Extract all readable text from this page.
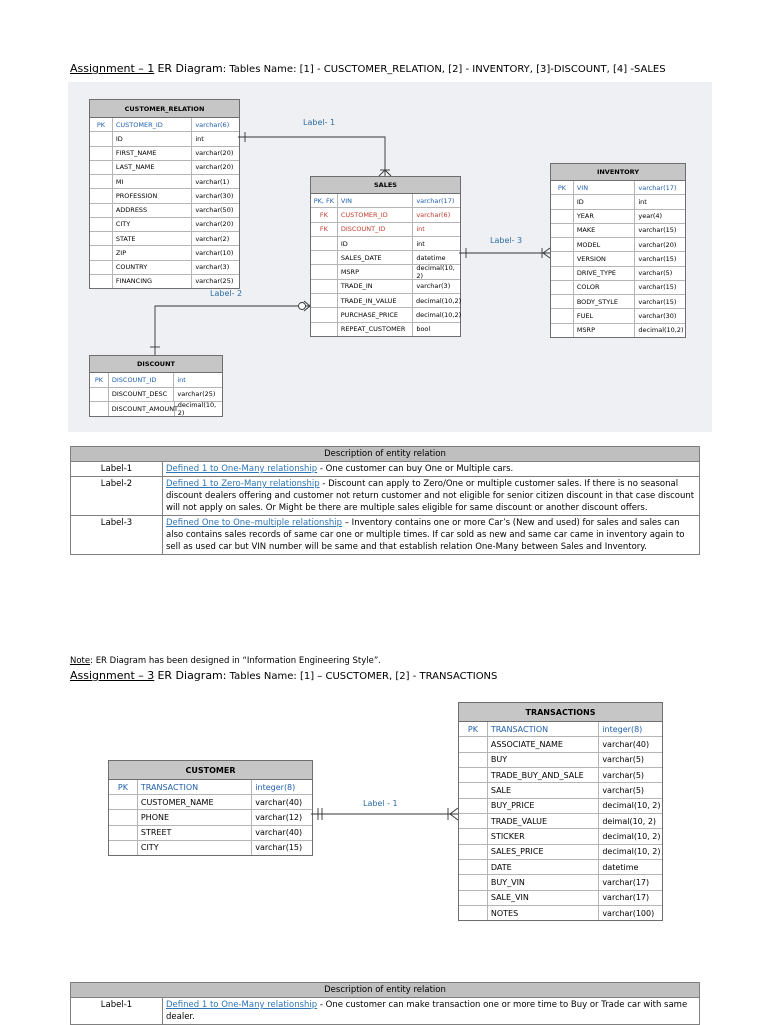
Assignment – 1 ER Diagram: Tables Name: [1] - CUSCTOMER_RELATION, [2] - INVENTORY, [3]-DISCOUNT, [4] -SALES
CUSTOMER_RELATION
PK	CUSTOMER_ID	varchar(6)
ID	int
FIRST_NAME	varchar(20)
LAST_NAME	varchar(20)
MI	varchar(1)
PROFESSION	varchar(30)
ADDRESS	varchar(50)
CITY	varchar(20)
STATE	varchar(2)
ZIP	varchar(10)
COUNTRY	varchar(3)
FINANCING	varchar(25)
SALES
PK, FK	VIN	varchar(17)
FK	CUSTOMER_ID	varchar(6)
FK	DISCOUNT_ID	int
ID	int
SALES_DATE	datetime
MSRP	decimal(10, 2)
TRADE_IN	varchar(3)
TRADE_IN_VALUE	decimal(10,2)
PURCHASE_PRICE	decimal(10,2)
REPEAT_CUSTOMER	bool
INVENTORY
PK	VIN	varchar(17)
ID	int
YEAR	year(4)
MAKE	varchar(15)
MODEL	varchar(20)
VERSION	varchar(15)
DRIVE_TYPE	varchar(5)
COLOR	varchar(15)
BODY_STYLE	varchar(15)
FUEL	varchar(30)
MSRP	decimal(10,2)
DISCOUNT
PK	DISCOUNT_ID	int
DISCOUNT_DESC	varchar(25)
DISCOUNT_AMOUNT decimal(10, 2)
Label- 1
Label- 2
Label- 3
Description of entity relation	
Label-1	Defined 1 to One-Many relationship - One customer can buy One or Multiple cars.
Label-2	Defined 1 to Zero-Many relationship - Discount can apply to Zero/One or multiple customer sales. If there is no seasonal discount dealers offering and customer not return customer and not eligible for senior citizen discount in that case discount will not apply on sales. Or Might be there are multiple sales eligible for same discount or another discount offers.
Label-3	Defined One to One–multiple relationship – Inventory contains one or more Car’s (New and used) for sales and sales can also contains sales records of same car one or multiple times. If car sold as new and same car came in inventory again to sell as used car but VIN number will be same and that establish relation One-Many between Sales and Inventory.
Note: ER Diagram has been designed in “Information Engineering Style”.
Assignment – 3 ER Diagram: Tables Name: [1] – CUSCTOMER, [2] - TRANSACTIONS
CUSTOMER
PK	TRANSACTION	integer(8)
CUSTOMER_NAME	varchar(40)
PHONE	varchar(12)
STREET	varchar(40)
CITY	varchar(15)
TRANSACTIONS
PK	TRANSACTION	integer(8)
ASSOCIATE_NAME	varchar(40)
BUY	varchar(5)
TRADE_BUY_AND_SALE	varchar(5)
SALE	varchar(5)
BUY_PRICE	decimal(10, 2)
TRADE_VALUE	deimal(10, 2)
STICKER	decimal(10, 2)
SALES_PRICE	decimal(10, 2)
DATE	datetime
BUY_VIN	varchar(17)
SALE_VIN	varchar(17)
NOTES	varchar(100)
Label - 1
Description of entity relation
Label-1	Defined 1 to One-Many relationship - One customer can make transaction one or more time to Buy or Trade car with same dealer.
